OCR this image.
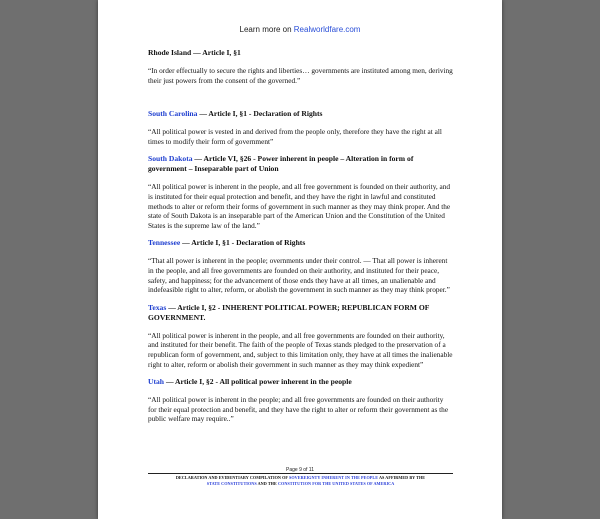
Learn more on Realworldfare.com

Rhode Island — Article I, §1

“In order effectually to secure the rights and liberties… governments are instituted among men, deriving their just powers from the consent of the governed.”

South Carolina — Article I, §1 - Declaration of Rights

“All political power is vested in and derived from the people only, therefore they have the right at all times to modify their form of government”

South Dakota — Article VI, §26 - Power inherent in people – Alteration in form of government – Inseparable part of Union

“All political power is inherent in the people, and all free government is founded on their authority, and is instituted for their equal protection and benefit, and they have the right in lawful and constituted methods to alter or reform their forms of government in such manner as they may think proper. And the state of South Dakota is an inseparable part of the American Union and the Constitution of the United States is the supreme law of the land.”

Tennessee — Article I, §1 - Declaration of Rights

“That all power is inherent in the people; overnments under their control. — That all power is inherent in the people, and all free governments are founded on their authority, and instituted for their peace, safety, and happiness; for the advancement of those ends they have at all times, an unalienable and indefeasible right to alter, reform, or abolish the government in such manner as they may think proper.”

Texas — Article I, §2 - INHERENT POLITICAL POWER; REPUBLICAN FORM OF GOVERNMENT.

“All political power is inherent in the people, and all free governments are founded on their authority, and instituted for their benefit. The faith of the people of Texas stands pledged to the preservation of a republican form of government, and, subject to this limitation only, they have at all times the inalienable right to alter, reform or abolish their government in such manner as they may think expedient”

Utah — Article I, §2 - All political power inherent in the people

“All political power is inherent in the people; and all free governments are founded on their authority for their equal protection and benefit, and they have the right to alter or reform their government as the public welfare may require..”

Page 9 of 11
DECLARATION AND EVIDENTIARY COMPILATION OF SOVEREIGNTY INHERENT IN THE PEOPLE AS AFFIRMED BY THE
STATE CONSTITUTIONS AND THE CONSTITUTION FOR THE UNITED STATES OF AMERICA
